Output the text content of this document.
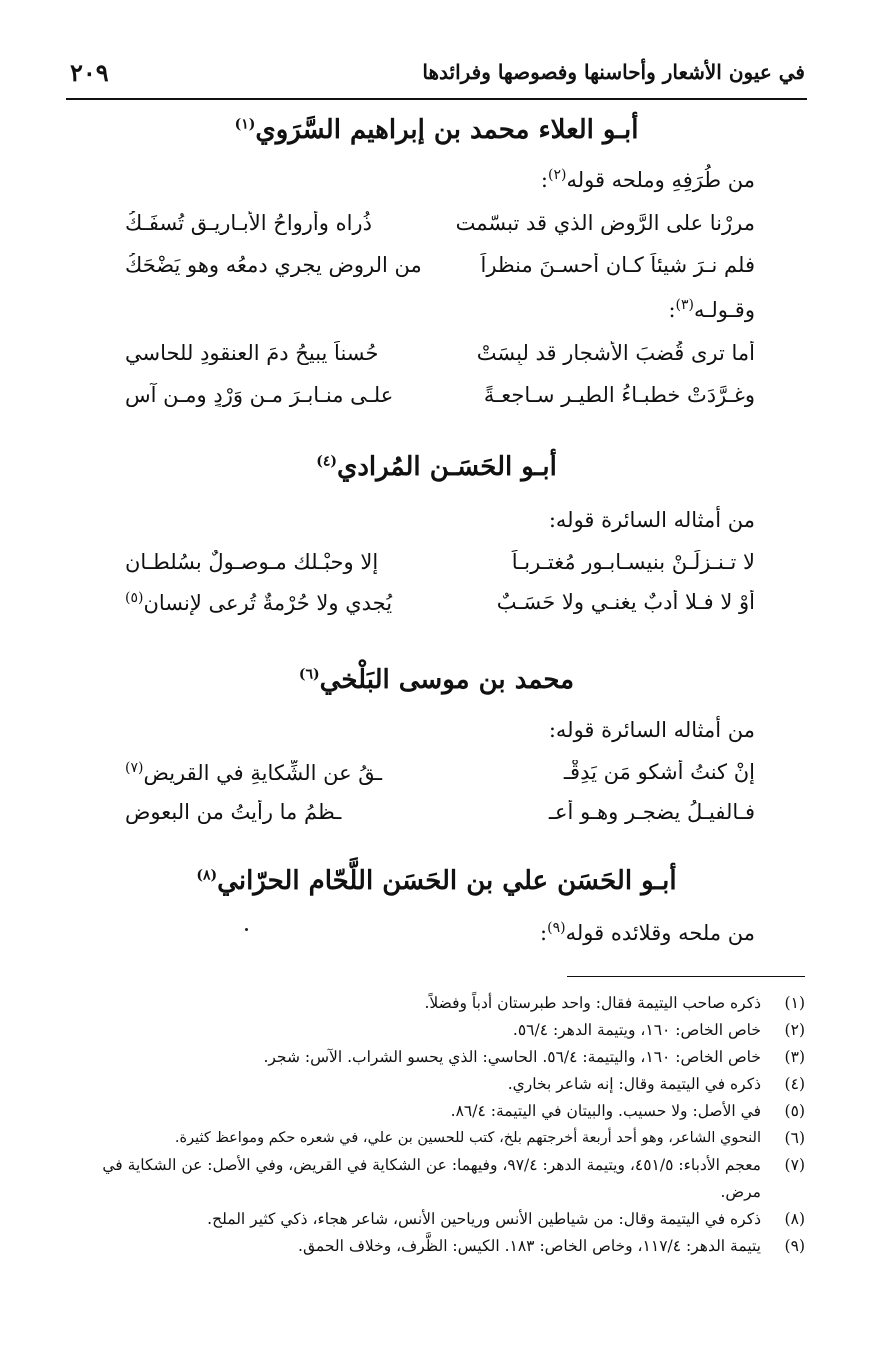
في عيون الأشعار وأحاسنها وفصوصها وفرائدها
٢٠٩
أبـو العلاء محمد بن إبراهيم السَّرَوي$^{(١)}$
من طُرَفِهِ وملحه قوله$^{(٢)}$:
مررْنا على الرَّوضِ الذي قد تبسّمت
ذُراه وأرواحُ الأبـاريـقِ تُسفَـكُ
فلم نـرَ شيئاً كـان أحسـنَ منظراً
من الروضِ يجري دمعُه وهو يَضْحَكُ
وقـولـه$^{(٣)}$:
أما ترى قُضبَ الأشجارِ قد لبِسَتْ
حُسناً يبيحُ دمَ العنقودِ للحاسي
وغـرَّدَتْ خطبـاءُ الطيـرِ سـاجعـةً
علـى منـابـرَ مـن وَرْدٍ ومـن آس
أبـو الحَسَـن المُرادي$^{(٤)}$
من أمثاله السائرة قوله:
لا تـنـزِلَـنْ بنيسـابـور مُغتـربـاً
إلا وحبْـلك مـوصـولٌ بسُلطـانِ
أوْ لا فـلا أدبٌ يغنـي ولا حَسَـبٌ
يُجدي ولا حُرْمةٌ تُرعى لإنسانِ$^{(٥)}$
محمد بن موسى البَلْخي$^{(٦)}$
من أمثاله السائرة قوله:
إنْ كنتُ أشكو مَن يَدِقْـ
ـقُ عن الشِّكايةِ في القريضِ$^{(٧)}$
فـالفيـلُ يضجـر وهـو أعـ
ـظمُ ما رأيتُ من البعوضِ
أبـو الحَسَن علي بن الحَسَن اللَّحّام الحرّاني$^{(٨)}$
من ملحه وقلائده قوله$^{(٩)}$:
(١)
ذكره صاحب اليتيمة فقال: واحد طبرستان أدباً وفضلاً.
(٢)
خاص الخاص: ١٦٠، ويتيمة الدهر: ٥٦/٤.
(٣)
خاص الخاص: ١٦٠، واليتيمة: ٥٦/٤. الحاسي: الذي يحسو الشراب. الآس: شجر.
(٤)
ذكره في اليتيمة وقال: إنه شاعر بخاري.
(٥)
في الأصل: ولا حسيب. والبيتان في اليتيمة: ٨٦/٤.
(٦)
النحوي الشاعر، وهو أحد أربعة أخرجتهم بلخ، كتب للحسين بن علي، في شعره حكم ومواعظ كثيرة.
(٧)
معجم الأدباء: ٤٥١/٥، ويتيمة الدهر: ٩٧/٤، وفيهما: عن الشكاية في القريض، وفي الأصل: عن الشكاية في مرض.
(٨)
ذكره في اليتيمة وقال: من شياطين الأنس ورياحين الأنس، شاعر هجاء، ذكي كثير الملح.
(٩)
يتيمة الدهر: ١١٧/٤، وخاص الخاص: ١٨٣. الكيس: الظَّرف، وخلاف الحمق.
